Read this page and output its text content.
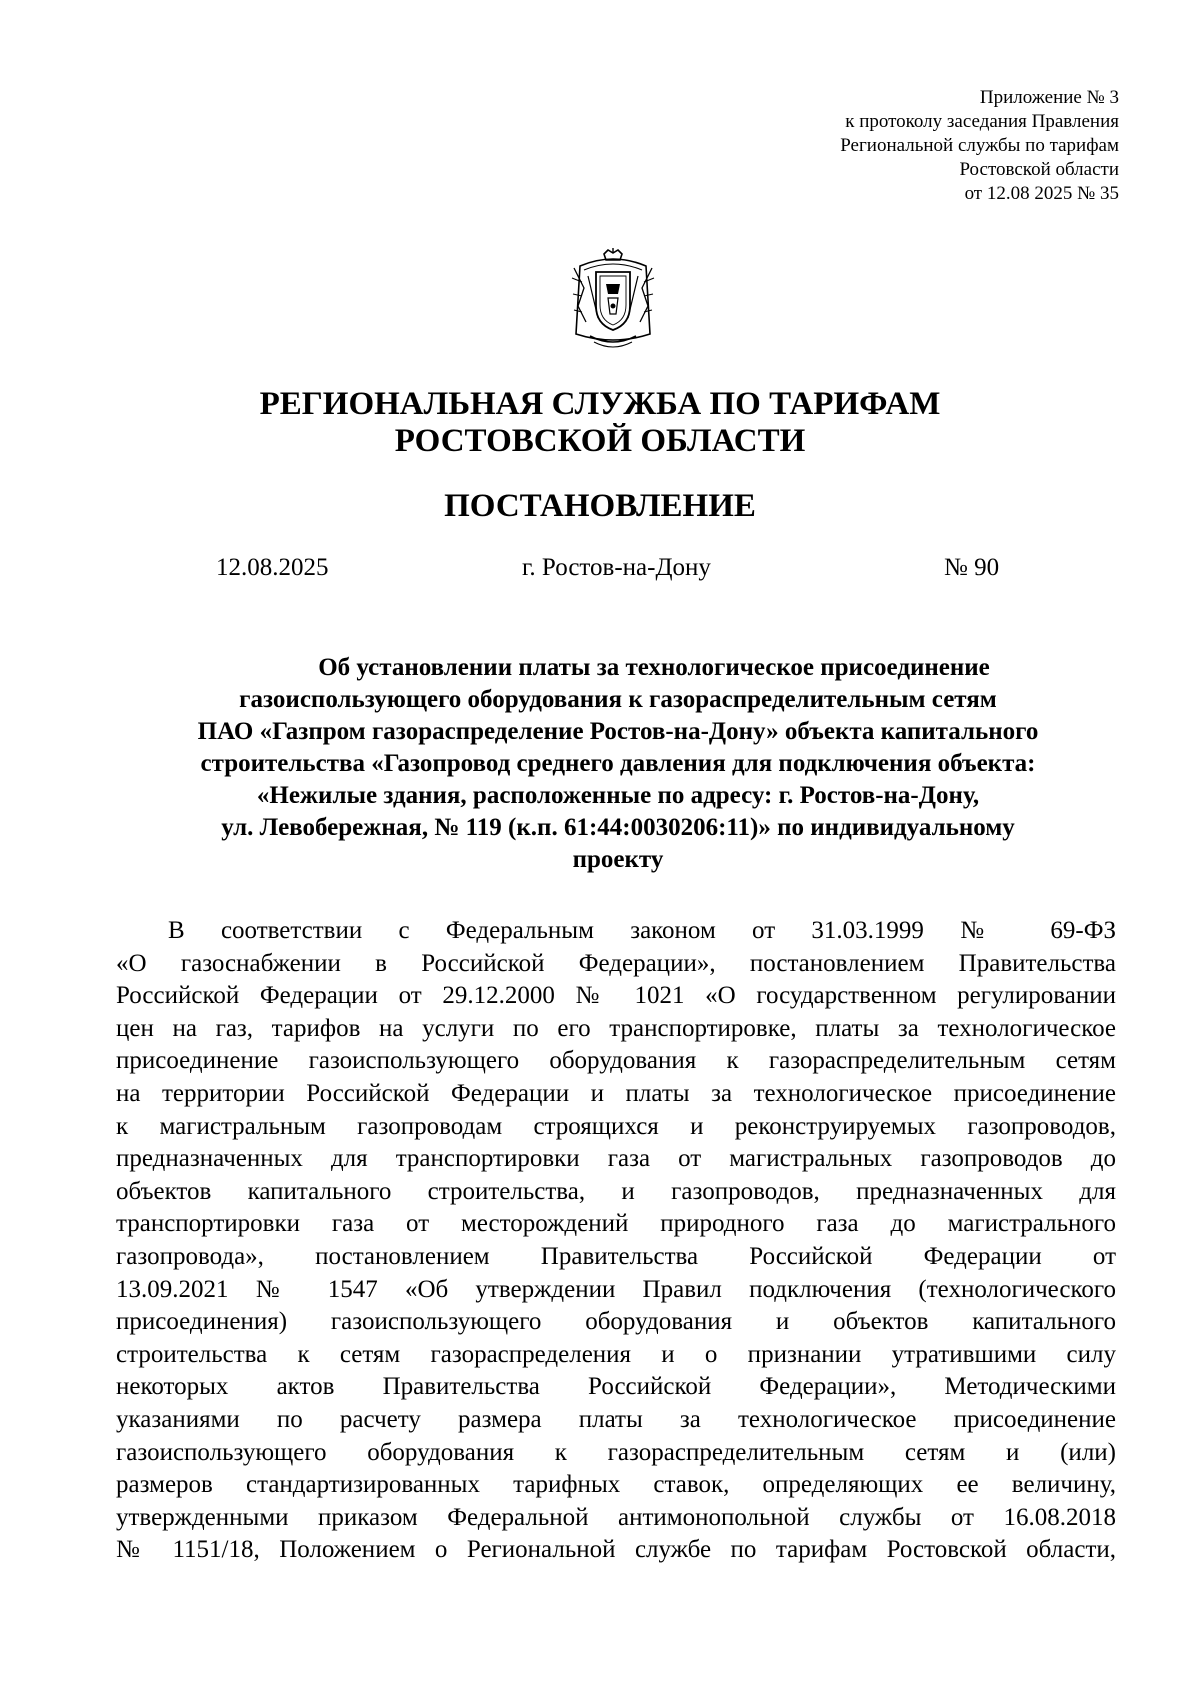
Приложение № 3
к протоколу заседания Правления
Региональной службы по тарифам
Ростовской области
от 12.08 2025 № 35
РЕГИОНАЛЬНАЯ СЛУЖБА ПО ТАРИФАМ
РОСТОВСКОЙ ОБЛАСТИ
ПОСТАНОВЛЕНИЕ
12.08.2025	г. Ростов-на-Дону	№ 90
Об установлении платы за технологическое присоединение
газоиспользующего оборудования к газораспределительным сетям
ПАО «Газпром газораспределение Ростов-на-Дону» объекта капитального
строительства «Газопровод среднего давления для подключения объекта:
«Нежилые здания, расположенные по адресу: г. Ростов-на-Дону,
ул. Левобережная, № 119 (к.п. 61:44:0030206:11)» по индивидуальному
проекту
В соответствии с Федеральным законом от 31.03.1999 № 69-ФЗ
«О газоснабжении в Российской Федерации», постановлением Правительства
Российской Федерации от 29.12.2000 № 1021 «О государственном регулировании
цен на газ, тарифов на услуги по его транспортировке, платы за технологическое
присоединение газоиспользующего оборудования к газораспределительным сетям
на территории Российской Федерации и платы за технологическое присоединение
к магистральным газопроводам строящихся и реконструируемых газопроводов,
предназначенных для транспортировки газа от магистральных газопроводов до
объектов капитального строительства, и газопроводов, предназначенных для
транспортировки газа от месторождений природного газа до магистрального
газопровода», постановлением Правительства Российской Федерации от
13.09.2021 № 1547 «Об утверждении Правил подключения (технологического
присоединения) газоиспользующего оборудования и объектов капитального
строительства к сетям газораспределения и о признании утратившими силу
некоторых актов Правительства Российской Федерации», Методическими
указаниями по расчету размера платы за технологическое присоединение
газоиспользующего оборудования к газораспределительным сетям и (или)
размеров стандартизированных тарифных ставок, определяющих ее величину,
утвержденными приказом Федеральной антимонопольной службы от 16.08.2018
№ 1151/18, Положением о Региональной службе по тарифам Ростовской области,
